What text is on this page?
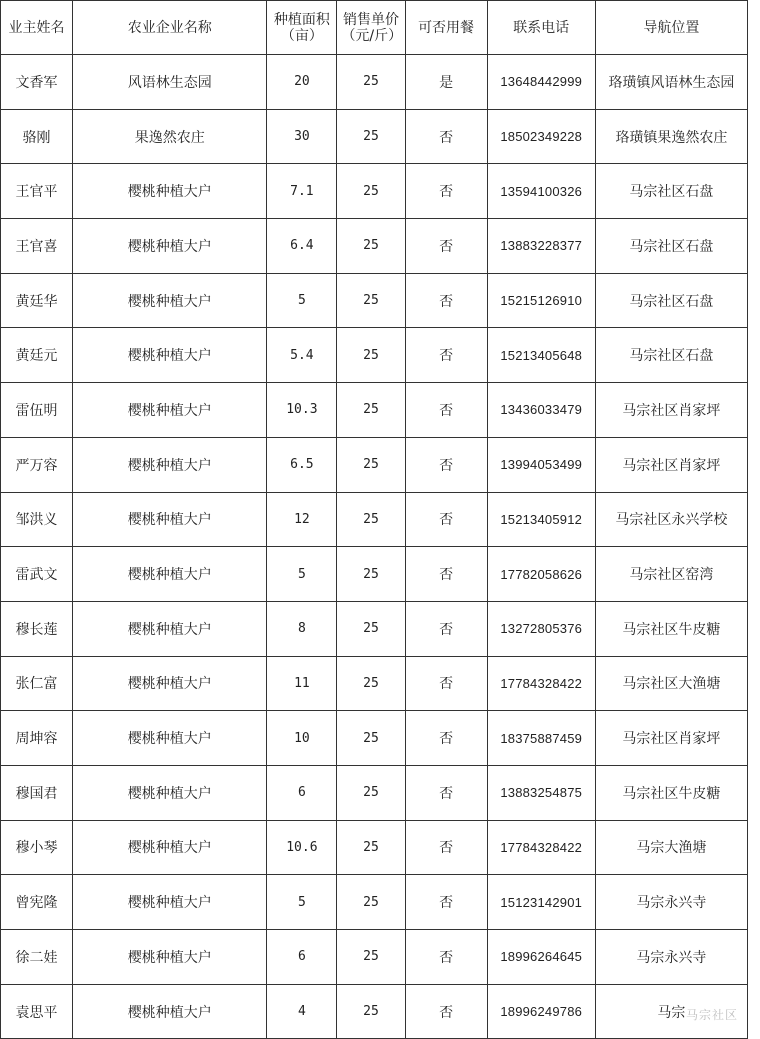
业主姓名	农业企业名称	种植面积（亩）	销售单价（元/斤）	可否用餐	联系电话	导航位置
文香军	风语林生态园	20	25	是	13648442999	珞璜镇风语林生态园
骆刚	果逸然农庄	30	25	否	18502349228	珞璜镇果逸然农庄
王官平	樱桃种植大户	7.1	25	否	13594100326	马宗社区石盘
王官喜	樱桃种植大户	6.4	25	否	13883228377	马宗社区石盘
黄廷华	樱桃种植大户	5	25	否	15215126910	马宗社区石盘
黄廷元	樱桃种植大户	5.4	25	否	15213405648	马宗社区石盘
雷伍明	樱桃种植大户	10.3	25	否	13436033479	马宗社区肖家坪
严万容	樱桃种植大户	6.5	25	否	13994053499	马宗社区肖家坪
邹洪义	樱桃种植大户	12	25	否	15213405912	马宗社区永兴学校
雷武文	樱桃种植大户	5	25	否	17782058626	马宗社区窑湾
穆长莲	樱桃种植大户	8	25	否	13272805376	马宗社区牛皮糖
张仁富	樱桃种植大户	11	25	否	17784328422	马宗社区大渔塘
周坤容	樱桃种植大户	10	25	否	18375887459	马宗社区肖家坪
穆国君	樱桃种植大户	6	25	否	13883254875	马宗社区牛皮糖
穆小琴	樱桃种植大户	10.6	25	否	17784328422	马宗大渔塘
曾宪隆	樱桃种植大户	5	25	否	15123142901	马宗永兴寺
徐二娃	樱桃种植大户	6	25	否	18996264645	马宗永兴寺
袁思平	樱桃种植大户	4	25	否	18996249786	马宗 马宗社区
